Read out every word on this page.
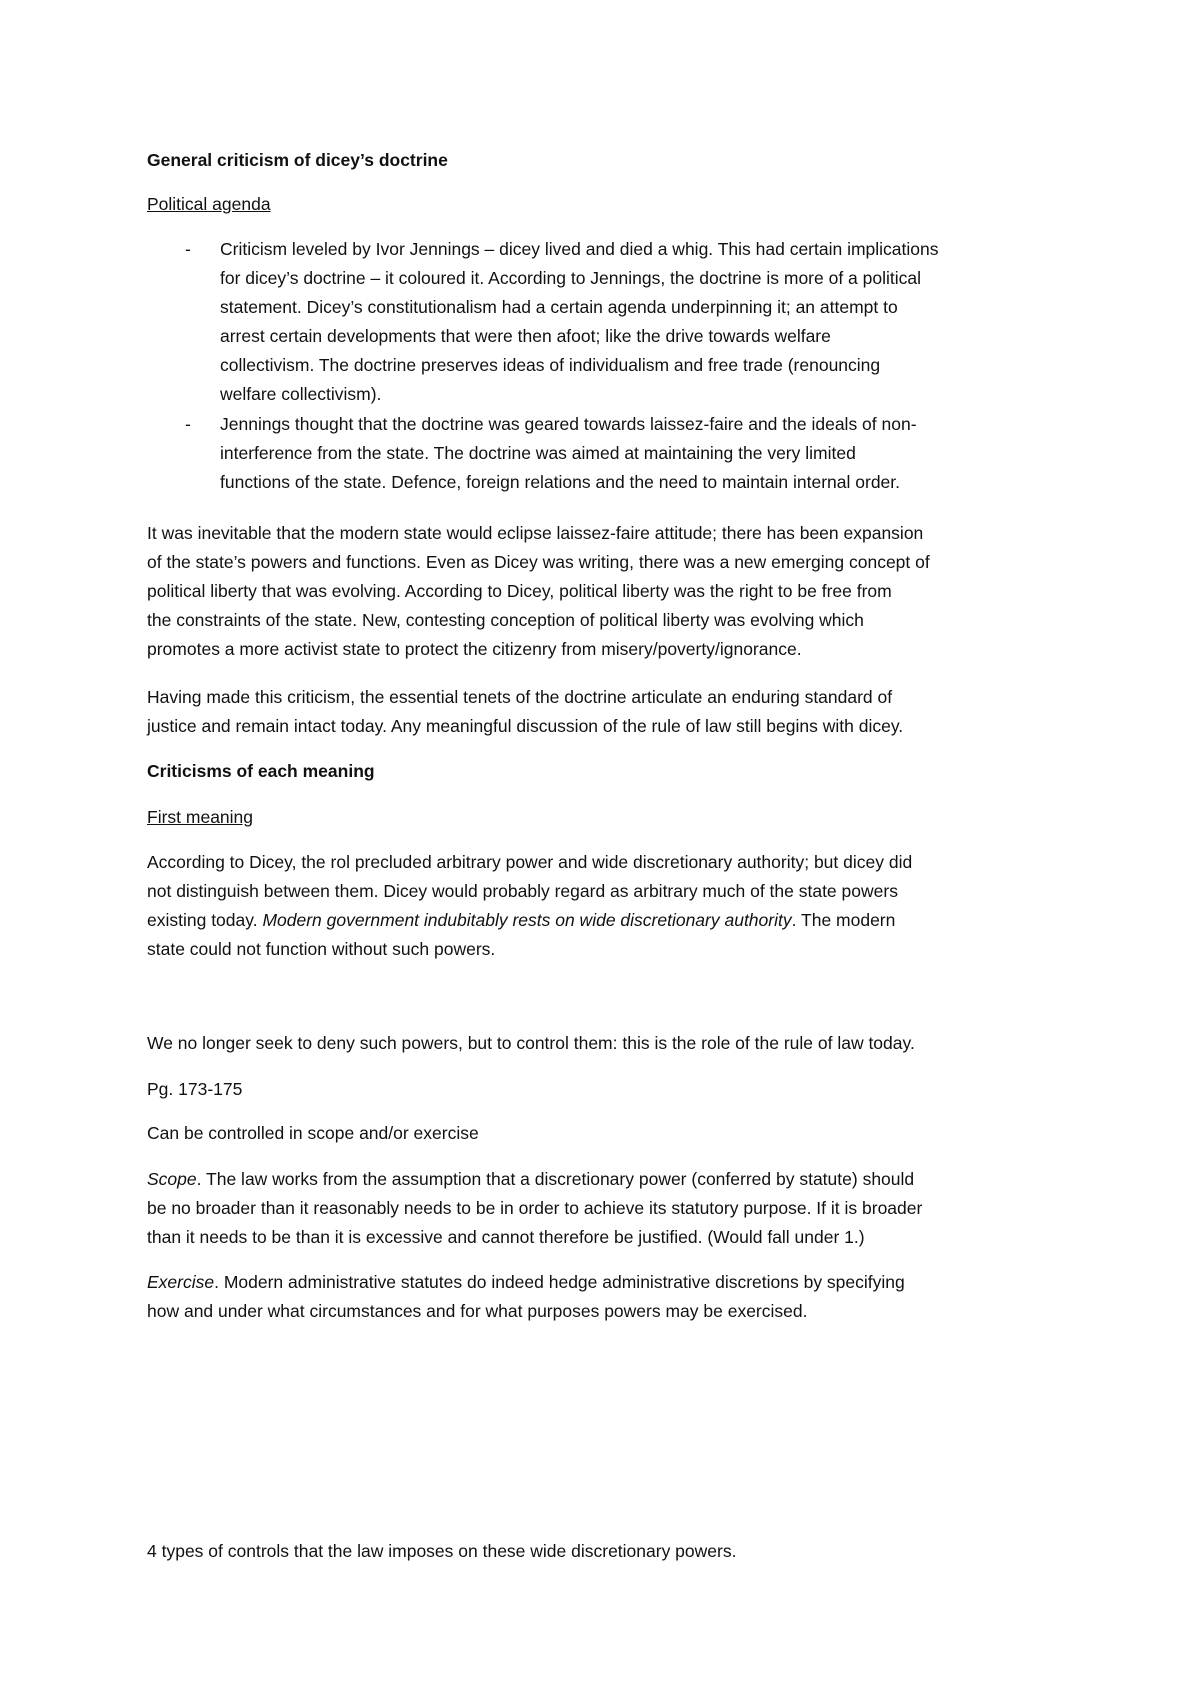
General criticism of dicey’s doctrine
Political agenda
- Criticism leveled by Ivor Jennings – dicey lived and died a whig. This had certain implications
for dicey’s doctrine – it coloured it. According to Jennings, the doctrine is more of a political
statement. Dicey’s constitutionalism had a certain agenda underpinning it; an attempt to
arrest certain developments that were then afoot; like the drive towards welfare
collectivism. The doctrine preserves ideas of individualism and free trade (renouncing
welfare collectivism).
- Jennings thought that the doctrine was geared towards laissez-faire and the ideals of non-
interference from the state. The doctrine was aimed at maintaining the very limited
functions of the state. Defence, foreign relations and the need to maintain internal order.
It was inevitable that the modern state would eclipse laissez-faire attitude; there has been expansion
of the state’s powers and functions. Even as Dicey was writing, there was a new emerging concept of
political liberty that was evolving. According to Dicey, political liberty was the right to be free from
the constraints of the state. New, contesting conception of political liberty was evolving which
promotes a more activist state to protect the citizenry from misery/poverty/ignorance.
Having made this criticism, the essential tenets of the doctrine articulate an enduring standard of
justice and remain intact today. Any meaningful discussion of the rule of law still begins with dicey.
Criticisms of each meaning
First meaning
According to Dicey, the rol precluded arbitrary power and wide discretionary authority; but dicey did
not distinguish between them. Dicey would probably regard as arbitrary much of the state powers
existing today. Modern government indubitably rests on wide discretionary authority. The modern
state could not function without such powers.
We no longer seek to deny such powers, but to control them: this is the role of the rule of law today.
Pg. 173-175
Can be controlled in scope and/or exercise
Scope. The law works from the assumption that a discretionary power (conferred by statute) should
be no broader than it reasonably needs to be in order to achieve its statutory purpose. If it is broader
than it needs to be than it is excessive and cannot therefore be justified. (Would fall under 1.)
Exercise. Modern administrative statutes do indeed hedge administrative discretions by specifying
how and under what circumstances and for what purposes powers may be exercised.
4 types of controls that the law imposes on these wide discretionary powers.
